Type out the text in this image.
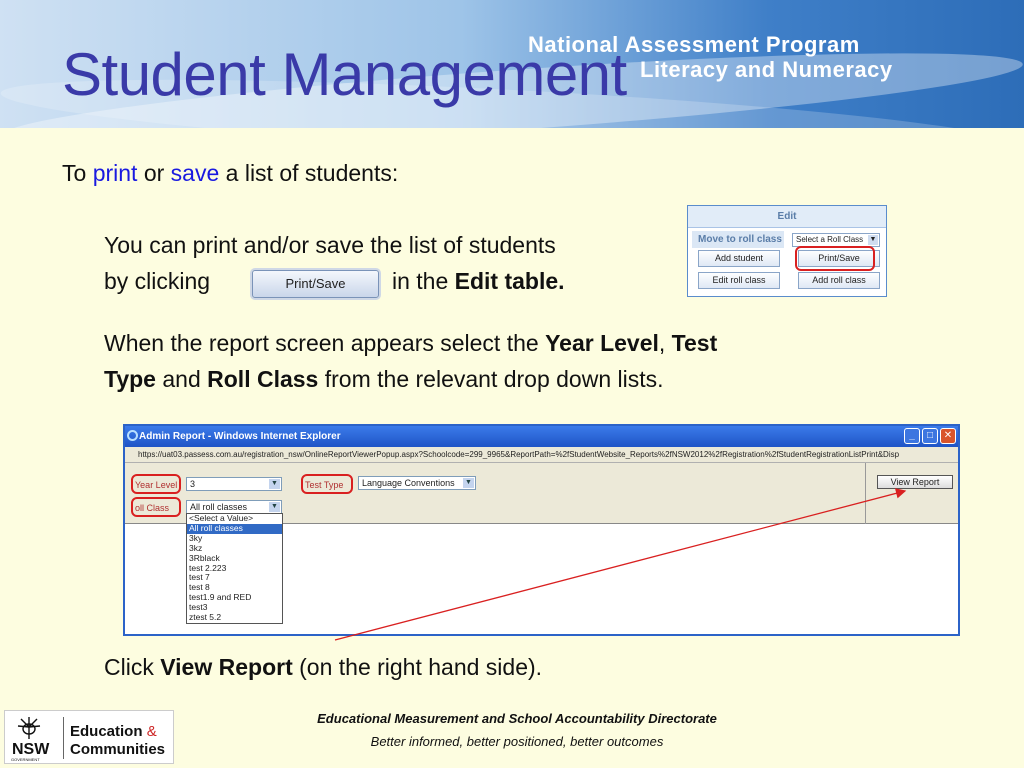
National Assessment Program
Literacy and Numeracy
Student Management
To print or save a list of students:
You can print and/or save the list of students
by clicking	Print/Save	in the Edit table.
Edit
Move to roll class	Select a Roll Class ▼
Add student	Print/Save
Edit roll class	Add roll class
When the report screen appears select the Year Level, Test
Type and Roll Class from the relevant drop down lists.
Admin Report - Windows Internet Explorer	_	□	✕
https://uat03.passess.com.au/registration_nsw/OnlineReportViewerPopup.aspx?Schoolcode=299_9965&ReportPath=%2fStudentWebsite_Reports%2fNSW2012%2fRegistration%2fStudentRegistrationListPrint&Disp
Year Level	3	▼	Test Type	Language Conventions ▼
oll Class	All roll classes	▼
View Report
<Select a Value>
All roll classes
3ky
3kz
3Rblack
test 2.223
test 7
test 8
test1.9 and RED
test3
ztest 5.2
Click View Report (on the right hand side).
NSW
GOVERNMENT
Education &
Communities
Educational Measurement and School Accountability Directorate
Better informed, better positioned, better outcomes
